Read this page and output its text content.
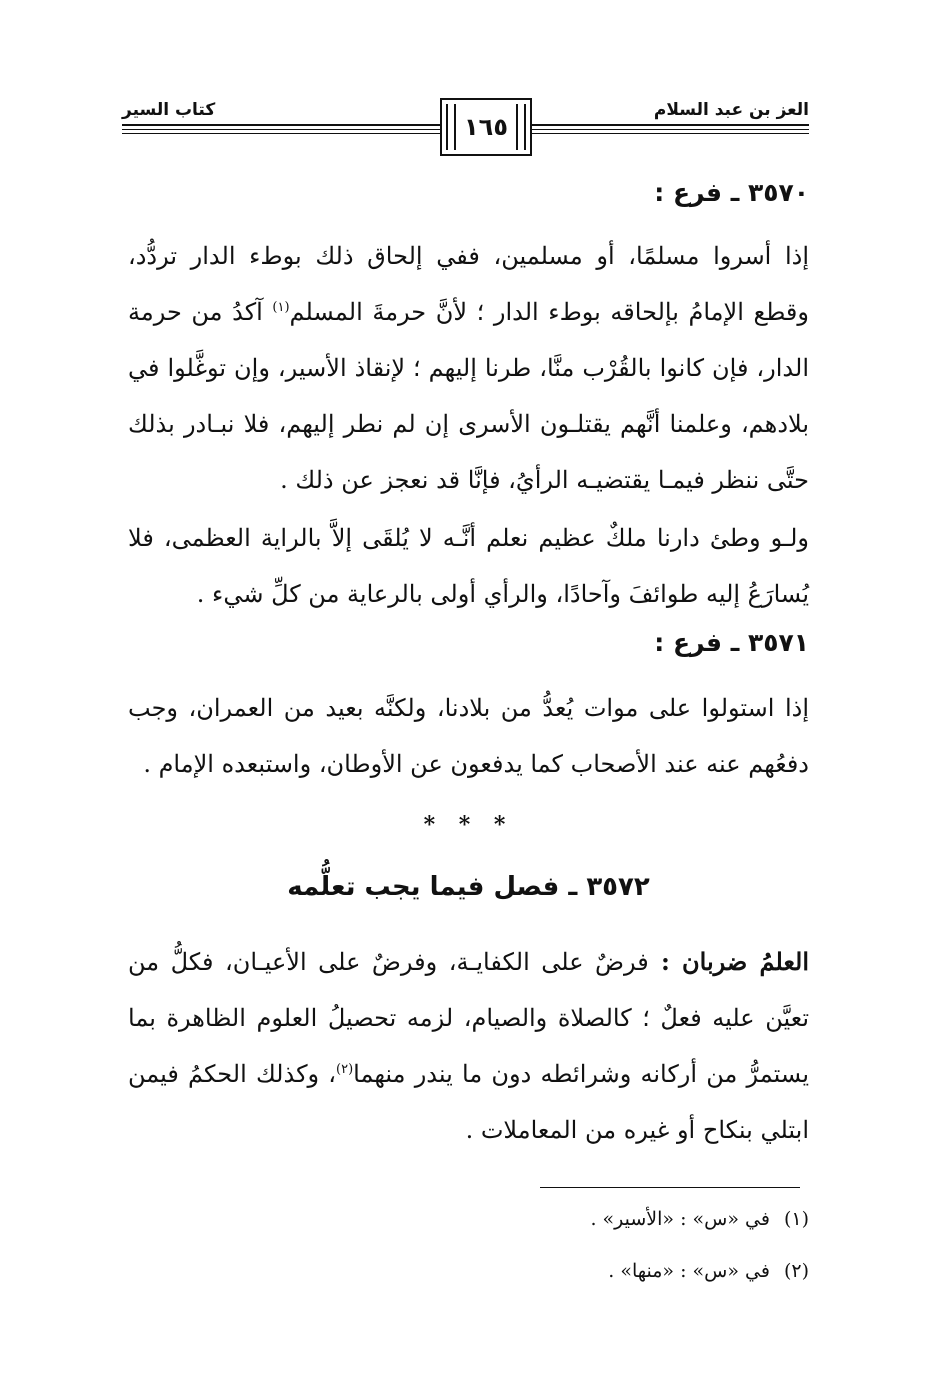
العز بن عبد السلام
كتاب السير
١٦٥
٣٥٧٠ ـ فرع :
إذا أسروا مسلمًا، أو مسلمين، ففي إلحاق ذلك بوطء الدار تردُّد، وقطع الإمامُ بإلحاقه بوطء الدار ؛ لأنَّ حرمةَ المسلم$^{(١)}$ آكدُ من حرمة الدار، فإن كانوا بالقُرْب منَّا، طرنا إليهم ؛ لإنقاذ الأسير، وإن توغَّلوا في بلادهم، وعلمنا أنَّهم يقتلـون الأسرى إن لم نطر إليهم، فلا نبـادر بذلك حتَّى ننظر فيمـا يقتضيـه الرأيُ، فإنَّا قد نعجز عن ذلك .
ولـو وطئ دارنا ملكٌ عظيم نعلم أنَّـه لا يُلقَى إلاَّ بالراية العظمى، فلا يُسارَعُ إليه طوائفَ وآحادًا، والرأي أولى بالرعاية من كلِّ شيء .
٣٥٧١ ـ فرع :
إذا استولوا على موات يُعدُّ من بلادنا، ولكنَّه بعيد من العمران، وجب دفعُهم عنه عند الأصحاب كما يدفعون عن الأوطان، واستبعده الإمام .
* * *
٣٥٧٢ ـ فصل فيما يجب تعلُّمه
العلمُ ضربان : فرضٌ على الكفايـة، وفرضٌ على الأعيـان، فكلُّ من تعيَّن عليه فعلٌ ؛ كالصلاة والصيام، لزمه تحصيلُ العلوم الظاهرة بما يستمرُّ من أركانه وشرائطه دون ما يندر منهما$^{(٢)}$، وكذلك الحكمُ فيمن ابتلي بنكاح أو غيره من المعاملات .
(١)في «س» : «الأسير» .
(٢)في «س» : «منها» .
